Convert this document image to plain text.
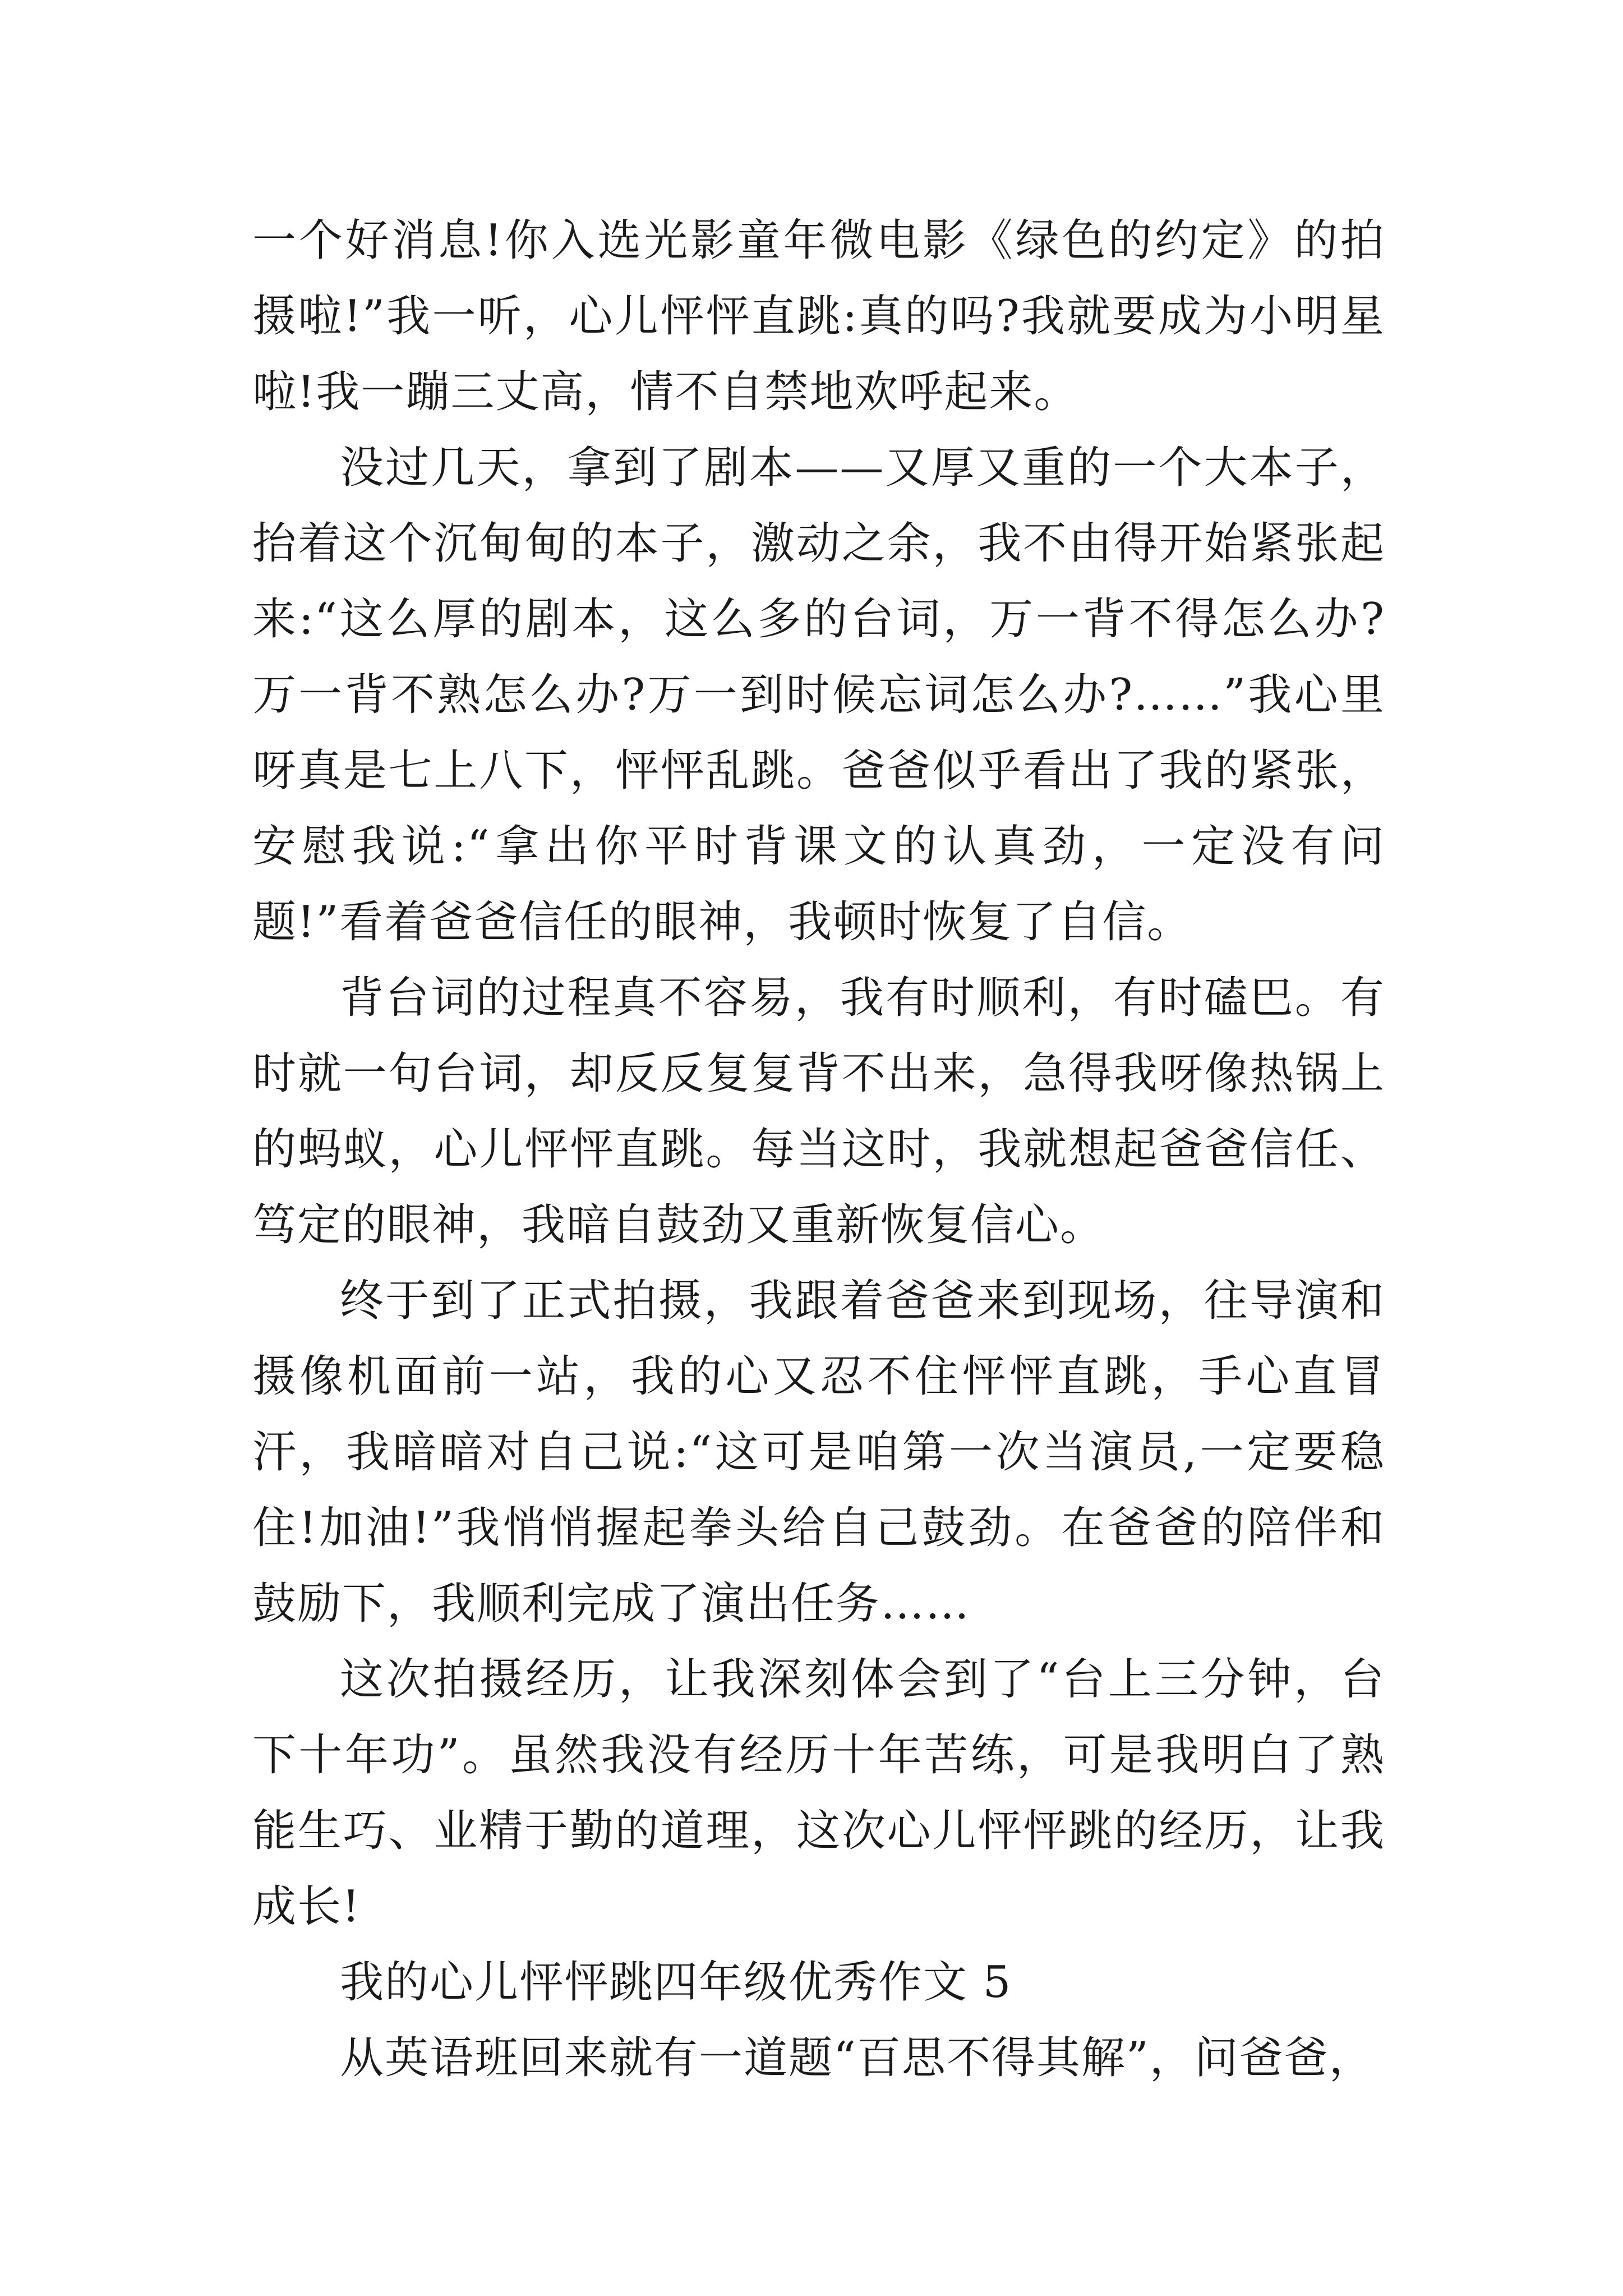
一个好消息!你入选光影童年微电影《绿色的约定》的拍摄啦!”我一听，心儿怦怦直跳:真的吗?我就要成为小明星啦!我一蹦三丈高，情不自禁地欢呼起来。

没过几天，拿到了剧本——又厚又重的一个大本子，抬着这个沉甸甸的本子，激动之余，我不由得开始紧张起来:“这么厚的剧本，这么多的台词，万一背不得怎么办?万一背不熟怎么办?万一到时候忘词怎么办?……”我心里呀真是七上八下，怦怦乱跳。爸爸似乎看出了我的紧张，安慰我说:“拿出你平时背课文的认真劲，一定没有问题!”看着爸爸信任的眼神，我顿时恢复了自信。

背台词的过程真不容易，我有时顺利，有时磕巴。有时就一句台词，却反反复复背不出来，急得我呀像热锅上的蚂蚁，心儿怦怦直跳。每当这时，我就想起爸爸信任、笃定的眼神，我暗自鼓劲又重新恢复信心。

终于到了正式拍摄，我跟着爸爸来到现场，往导演和摄像机面前一站，我的心又忍不住怦怦直跳，手心直冒汗，我暗暗对自己说:“这可是咱第一次当演员,一定要稳住!加油!”我悄悄握起拳头给自己鼓劲。在爸爸的陪伴和鼓励下，我顺利完成了演出任务……

这次拍摄经历，让我深刻体会到了“台上三分钟，台下十年功”。虽然我没有经历十年苦练，可是我明白了熟能生巧、业精于勤的道理，这次心儿怦怦跳的经历，让我成长!

我的心儿怦怦跳四年级优秀作文 5

从英语班回来就有一道题“百思不得其解”，问爸爸，
